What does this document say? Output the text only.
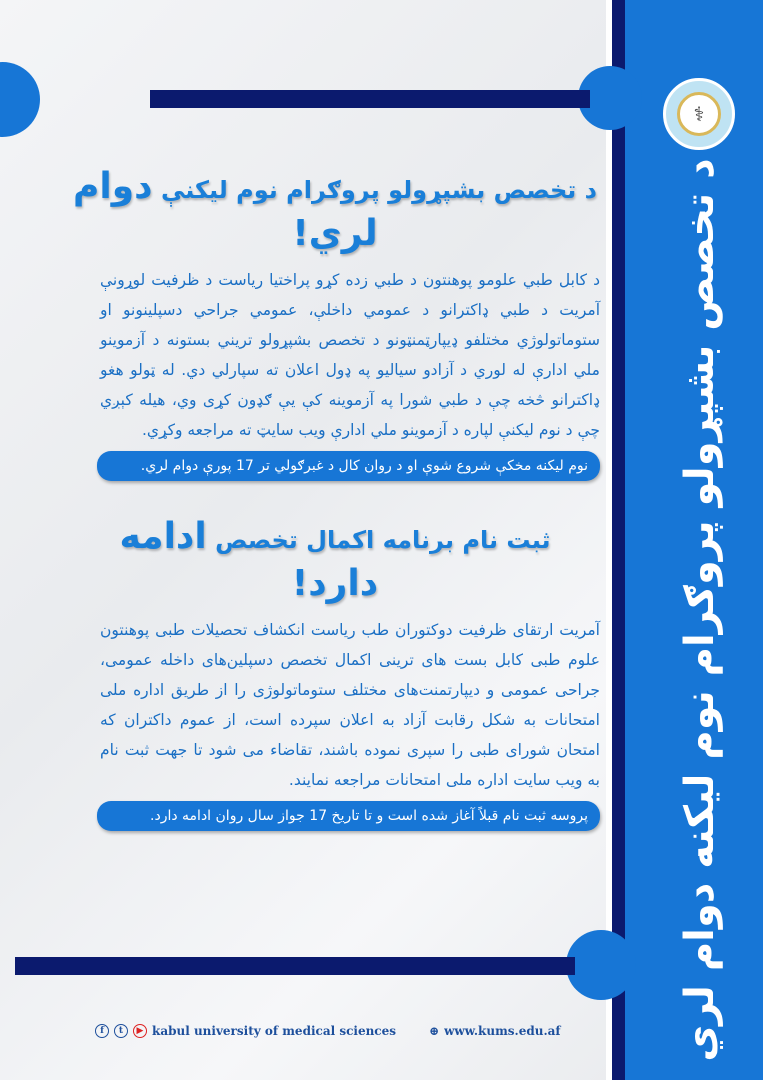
⚕
د تخصص بشپړولو پروګرام نوم لیکنه دوام لري
د تخصص بشپړولو پروګرام نوم لیکنې دوام لري!
د کابل طبي علومو پوهنتون د طبي زده کړو پراختیا ریاست د ظرفیت لوړونې آمریت د طبي ډاکترانو د عمومي داخلې، عمومي جراحي دسپلینونو او ستوماتولوژي مختلفو ډیپارټمنټونو د تخصص بشپړولو تریني بستونه د آزموینو ملي ادارې له لوري د آزادو سیالیو په ډول اعلان ته سپارلي دي. له ټولو هغو ډاکترانو څخه چې د طبي شورا په آزموینه کې یې ګډون کړی وي، هیله کېږي چې د نوم لیکنې لپاره د آزموینو ملي ادارې ویب سایټ ته مراجعه وکړي.
نوم لیکنه مخکې شروع شوې او د روان کال د غبرګولي تر 17 پورې دوام لري.
ثبت نام برنامه اکمال تخصص ادامه دارد!
آمریت ارتقای ظرفیت دوکتوران طب ریاست انکشاف تحصیلات طبی پوهنتون علوم طبی کابل بست های ترینی اکمال تخصص دسپلین‌های داخله عمومی، جراحی عمومی و دیپارتمنت‌های مختلف ستوماتولوژی را از طریق اداره ملی امتحانات به شکل رقابت آزاد به اعلان سپرده است، از عموم داکتران که امتحان شورای طبی را سپری نموده باشند، تقاضاء می شود تا جهت ثبت نام به ویب سایت اداره ملی امتحانات مراجعه نمایند.
پروسه ثبت نام قبلاً آغاز شده است و تا تاریخ 17 جواز سال روان ادامه دارد.
f	t	▶ kabul university of medical sciences	⊕ www.kums.edu.af
